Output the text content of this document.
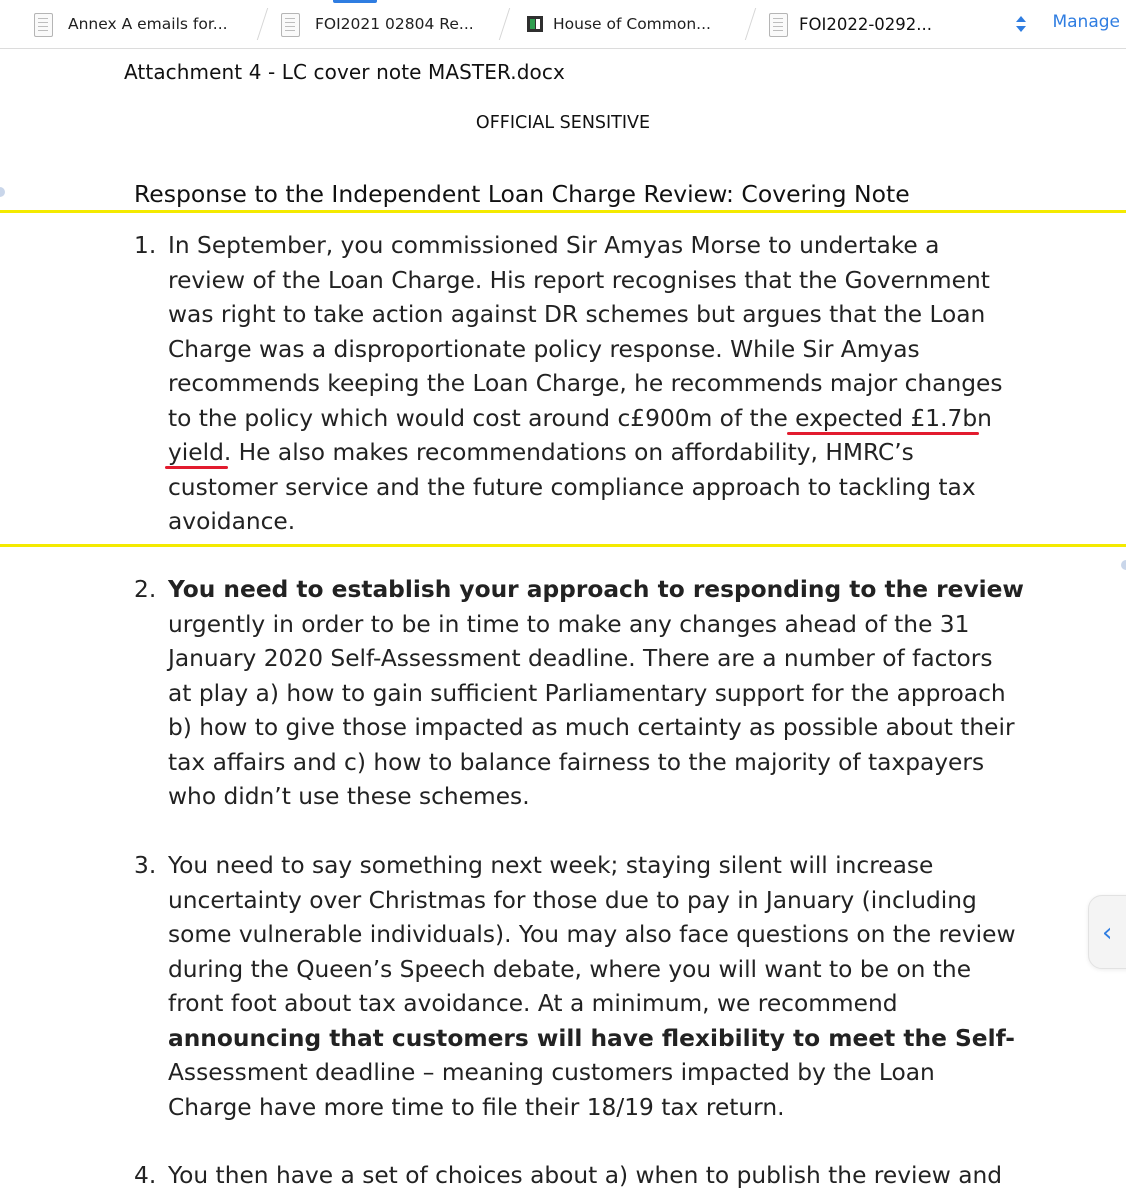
Annex A emails for...	FOI2021 02804 Re...	House of Common...	FOI2022-0292...	Manage
Attachment 4 - LC cover note MASTER.docx
OFFICIAL SENSITIVE
Response to the Independent Loan Charge Review: Covering Note
1. In September, you commissioned Sir Amyas Morse to undertake a
review of the Loan Charge. His report recognises that the Government
was right to take action against DR schemes but argues that the Loan
Charge was a disproportionate policy response. While Sir Amyas
recommends keeping the Loan Charge, he recommends major changes
to the policy which would cost around c£900m of the expected £1.7bn
yield. He also makes recommendations on affordability, HMRC’s
customer service and the future compliance approach to tackling tax
avoidance.
2. You need to establish your approach to responding to the review
urgently in order to be in time to make any changes ahead of the 31
January 2020 Self-Assessment deadline. There are a number of factors
at play a) how to gain sufficient Parliamentary support for the approach
b) how to give those impacted as much certainty as possible about their
tax affairs and c) how to balance fairness to the majority of taxpayers
who didn’t use these schemes.
3. You need to say something next week; staying silent will increase
uncertainty over Christmas for those due to pay in January (including
some vulnerable individuals). You may also face questions on the review
during the Queen’s Speech debate, where you will want to be on the
front foot about tax avoidance. At a minimum, we recommend
announcing that customers will have flexibility to meet the Self-
Assessment deadline – meaning customers impacted by the Loan
Charge have more time to file their 18/19 tax return.
4. You then have a set of choices about a) when to publish the review and
‹
